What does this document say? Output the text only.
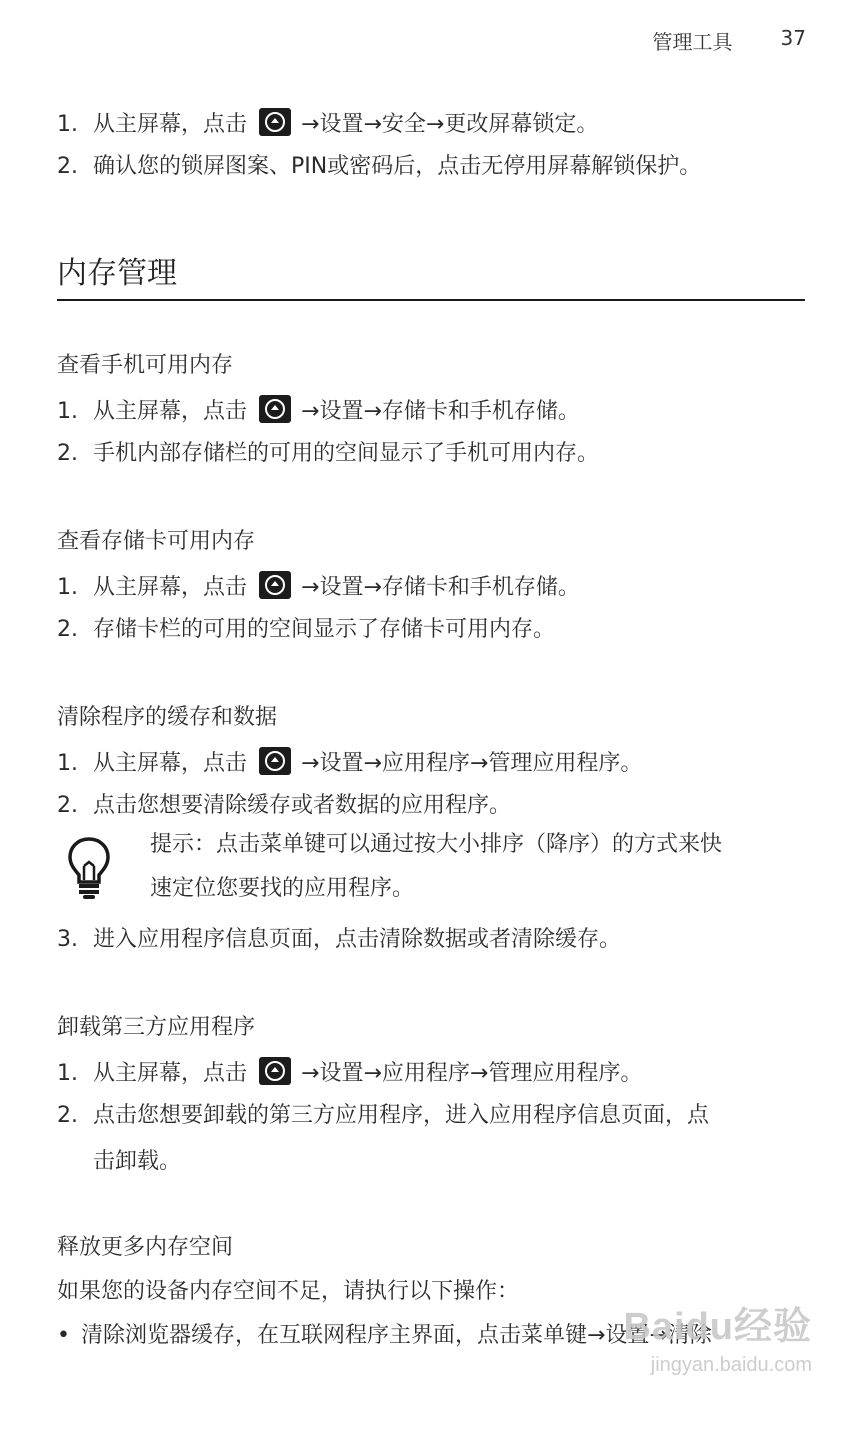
管理工具 37
1. 从主屏幕，点击 →设置→安全→更改屏幕锁定。
2. 确认您的锁屏图案、PIN或密码后，点击无停用屏幕解锁保护。
内存管理
查看手机可用内存
1. 从主屏幕，点击 →设置→存储卡和手机存储。
2. 手机内部存储栏的可用的空间显示了手机可用内存。
查看存储卡可用内存
1. 从主屏幕，点击 →设置→存储卡和手机存储。
2. 存储卡栏的可用的空间显示了存储卡可用内存。
清除程序的缓存和数据
1. 从主屏幕，点击 →设置→应用程序→管理应用程序。
2. 点击您想要清除缓存或者数据的应用程序。
提示：点击菜单键可以通过按大小排序（降序）的方式来快
速定位您要找的应用程序。
3. 进入应用程序信息页面，点击清除数据或者清除缓存。
卸载第三方应用程序
1. 从主屏幕，点击 →设置→应用程序→管理应用程序。
2. 点击您想要卸载的第三方应用程序，进入应用程序信息页面，点
击卸载。
释放更多内存空间
如果您的设备内存空间不足，请执行以下操作：
• 清除浏览器缓存，在互联网程序主界面，点击菜单键→设置→清除
Baidu经验
jingyan.baidu.com
